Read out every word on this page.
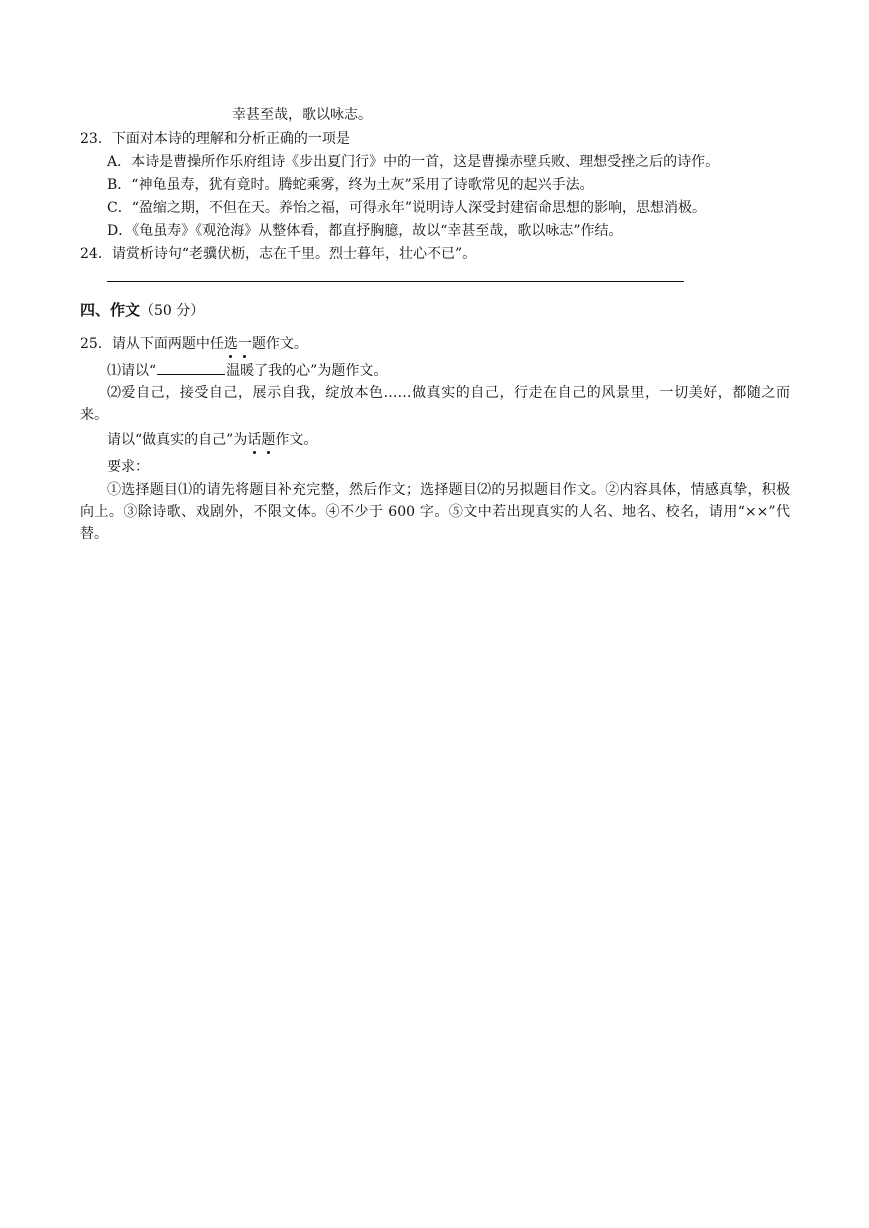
幸甚至哉，歌以咏志。
23．下面对本诗的理解和分析正确的一项是
A．本诗是曹操所作乐府组诗《步出夏门行》中的一首，这是曹操赤壁兵败、理想受挫之后的诗作。
B．“神龟虽寿，犹有竟时。腾蛇乘雾，终为土灰”采用了诗歌常见的起兴手法。
C．“盈缩之期，不但在天。养怡之福，可得永年”说明诗人深受封建宿命思想的影响，思想消极。
D．《龟虽寿》《观沧海》从整体看，都直抒胸臆，故以“幸甚至哉，歌以咏志”作结。
24．请赏析诗句“老骥伏枥，志在千里。烈士暮年，壮心不已”。
四、作文（50 分）
25．请从下面两题中任选一题作文。
⑴请以“	温暖了我的心”为题作文。
⑵爱自己，接受自己，展示自我，绽放本色……做真实的自己，行走在自己的风景里，一切美好，都随之而来。
请以“做真实的自己”为话题作文。
要求：
①选择题目⑴的请先将题目补充完整，然后作文；选择题目⑵的另拟题目作文。②内容具体，情感真挚，积极向上。③除诗歌、戏剧外，不限文体。④不少于 600 字。⑤文中若出现真实的人名、地名、校名，请用“××”代替。
